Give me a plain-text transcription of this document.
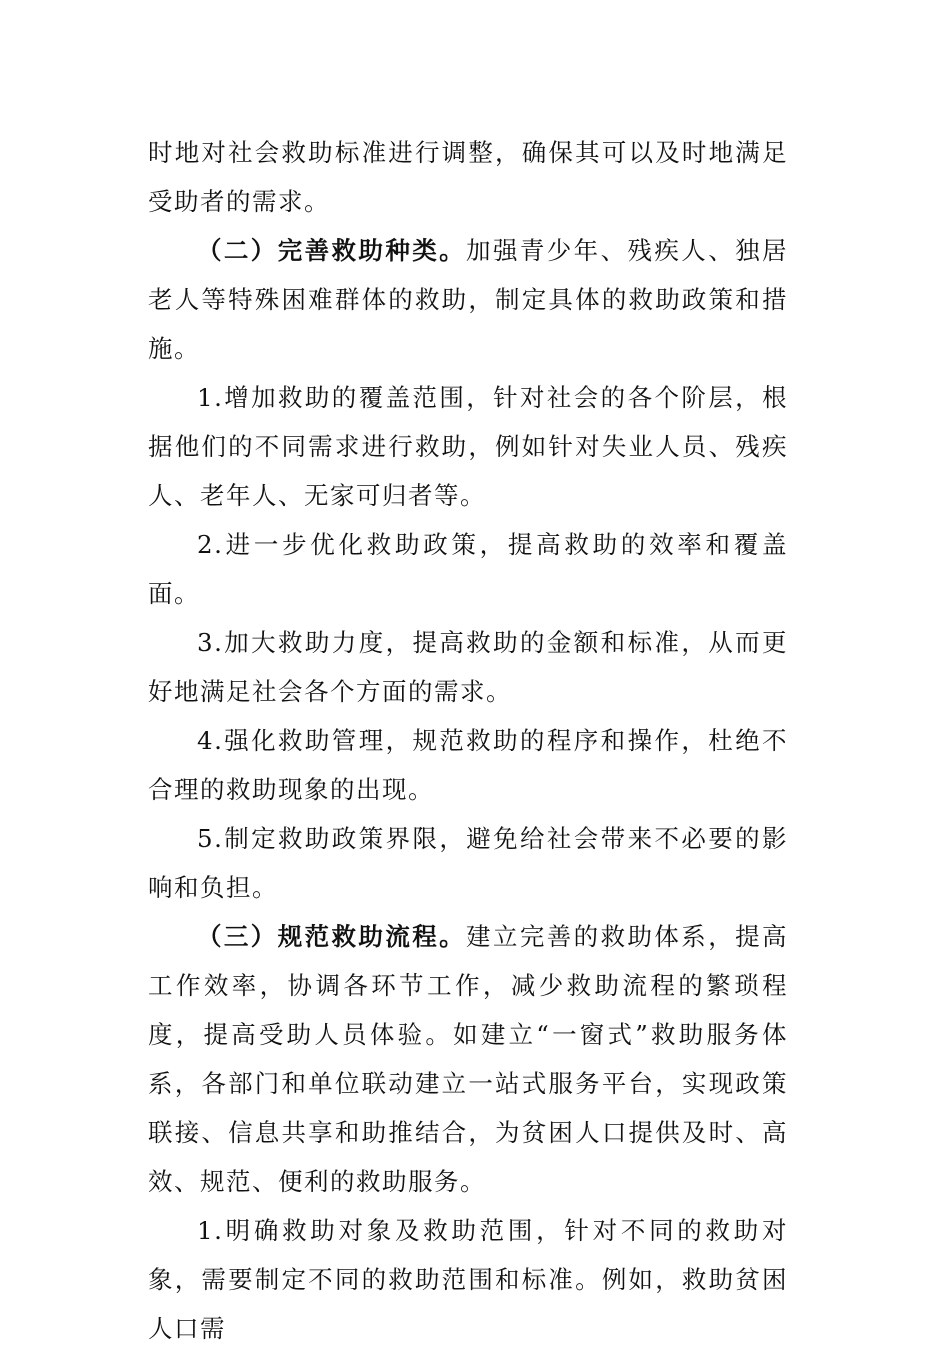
时地对社会救助标准进行调整，确保其可以及时地满足受助者的需求。

（二）完善救助种类。加强青少年、残疾人、独居老人等特殊困难群体的救助，制定具体的救助政策和措施。

1.增加救助的覆盖范围，针对社会的各个阶层，根据他们的不同需求进行救助，例如针对失业人员、残疾人、老年人、无家可归者等。

2.进一步优化救助政策，提高救助的效率和覆盖面。

3.加大救助力度，提高救助的金额和标准，从而更好地满足社会各个方面的需求。

4.强化救助管理，规范救助的程序和操作，杜绝不合理的救助现象的出现。

5.制定救助政策界限，避免给社会带来不必要的影响和负担。

（三）规范救助流程。建立完善的救助体系，提高工作效率，协调各环节工作，减少救助流程的繁琐程度，提高受助人员体验。如建立“一窗式”救助服务体系，各部门和单位联动建立一站式服务平台，实现政策联接、信息共享和助推结合，为贫困人口提供及时、高效、规范、便利的救助服务。

1.明确救助对象及救助范围，针对不同的救助对象，需要制定不同的救助范围和标准。例如，救助贫困人口需
